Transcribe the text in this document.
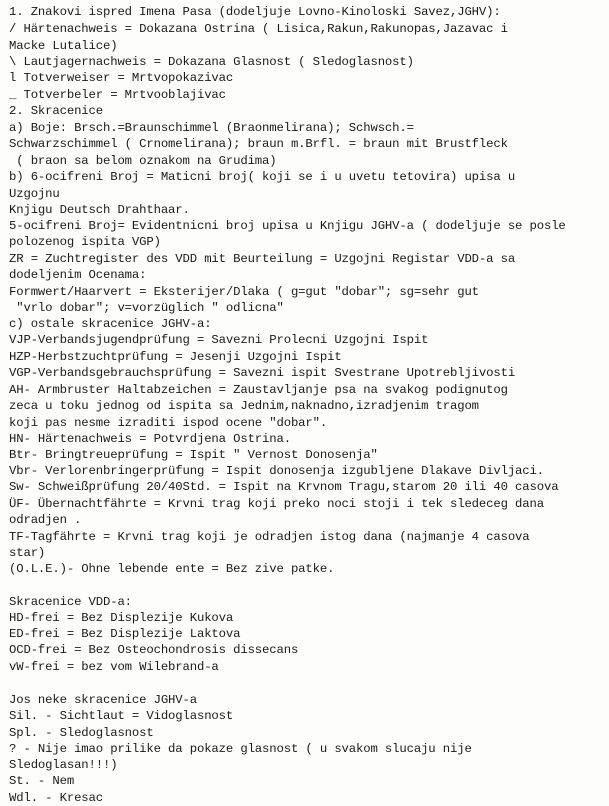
1. Znakovi ispred Imena Pasa (dodeljuje Lovno-Kinoloski Savez,JGHV):
/ Härtenachweis = Dokazana Ostrina ( Lisica,Rakun,Rakunopas,Jazavac i
Macke Lutalice)
\ Lautjagernachweis = Dokazana Glasnost ( Sledoglasnost)
l Totverweiser = Mrtvopokazivac
_ Totverbeler = Mrtvooblajivac
2. Skracenice
a) Boje: Brsch.=Braunschimmel (Braonmelirana); Schwsch.=
Schwarzschimmel ( Crnomelirana); braun m.Brfl. = braun mit Brustfleck
( braon sa belom oznakom na Grudima)
b) 6-ocifreni Broj = Maticni broj( koji se i u uvetu tetovira) upisa u
Uzgojnu
Knjigu Deutsch Drahthaar.
5-ocifreni Broj= Evidentnicni broj upisa u Knjigu JGHV-a ( dodeljuje se posle
polozenog ispita VGP)
ZR = Zuchtregister des VDD mit Beurteilung = Uzgojni Registar VDD-a sa
dodeljenim Ocenama:
Formwert/Haarvert = Eksterijer/Dlaka ( g=gut "dobar"; sg=sehr gut
"vrlo dobar"; v=vorzüglich " odlicna"
c) ostale skracenice JGHV-a:
VJP-Verbandsjugendprüfung = Savezni Prolecni Uzgojni Ispit
HZP-Herbstzuchtprüfung = Jesenji Uzgojni Ispit
VGP-Verbandsgebrauchsprüfung = Savezni ispit Svestrane Upotrebljivosti
AH- Armbruster Haltabzeichen = Zaustavljanje psa na svakog podignutog
zeca u toku jednog od ispita sa Jednim,naknadno,izradjenim tragom
koji pas nesme izraditi ispod ocene "dobar".
HN- Härtenachweis = Potvrdjena Ostrina.
Btr- Bringtreueprüfung = Ispit " Vernost Donosenja"
Vbr- Verlorenbringerprüfung = Ispit donosenja izgubljene Dlakave Divljaci.
Sw- Schweißprüfung 20/40Std. = Ispit na Krvnom Tragu,starom 20 ili 40 casova
ÜF- Übernachtfährte = Krvni trag koji preko noci stoji i tek sledeceg dana
odradjen .
TF-Tagfährte = Krvni trag koji je odradjen istog dana (najmanje 4 casova
star)
(O.L.E.)- Ohne lebende ente = Bez zive patke.
Skracenice VDD-a:
HD-frei = Bez Displezije Kukova
ED-frei = Bez Displezije Laktova
OCD-frei = Bez Osteochondrosis dissecans
vW-frei = bez vom Wilebrand-a
Jos neke skracenice JGHV-a
Sil. - Sichtlaut = Vidoglasnost
Spl. - Sledoglasnost
? - Nije imao prilike da pokaze glasnost ( u svakom slucaju nije
Sledoglasan!!!)
St. - Nem
Wdl. - Kresac
